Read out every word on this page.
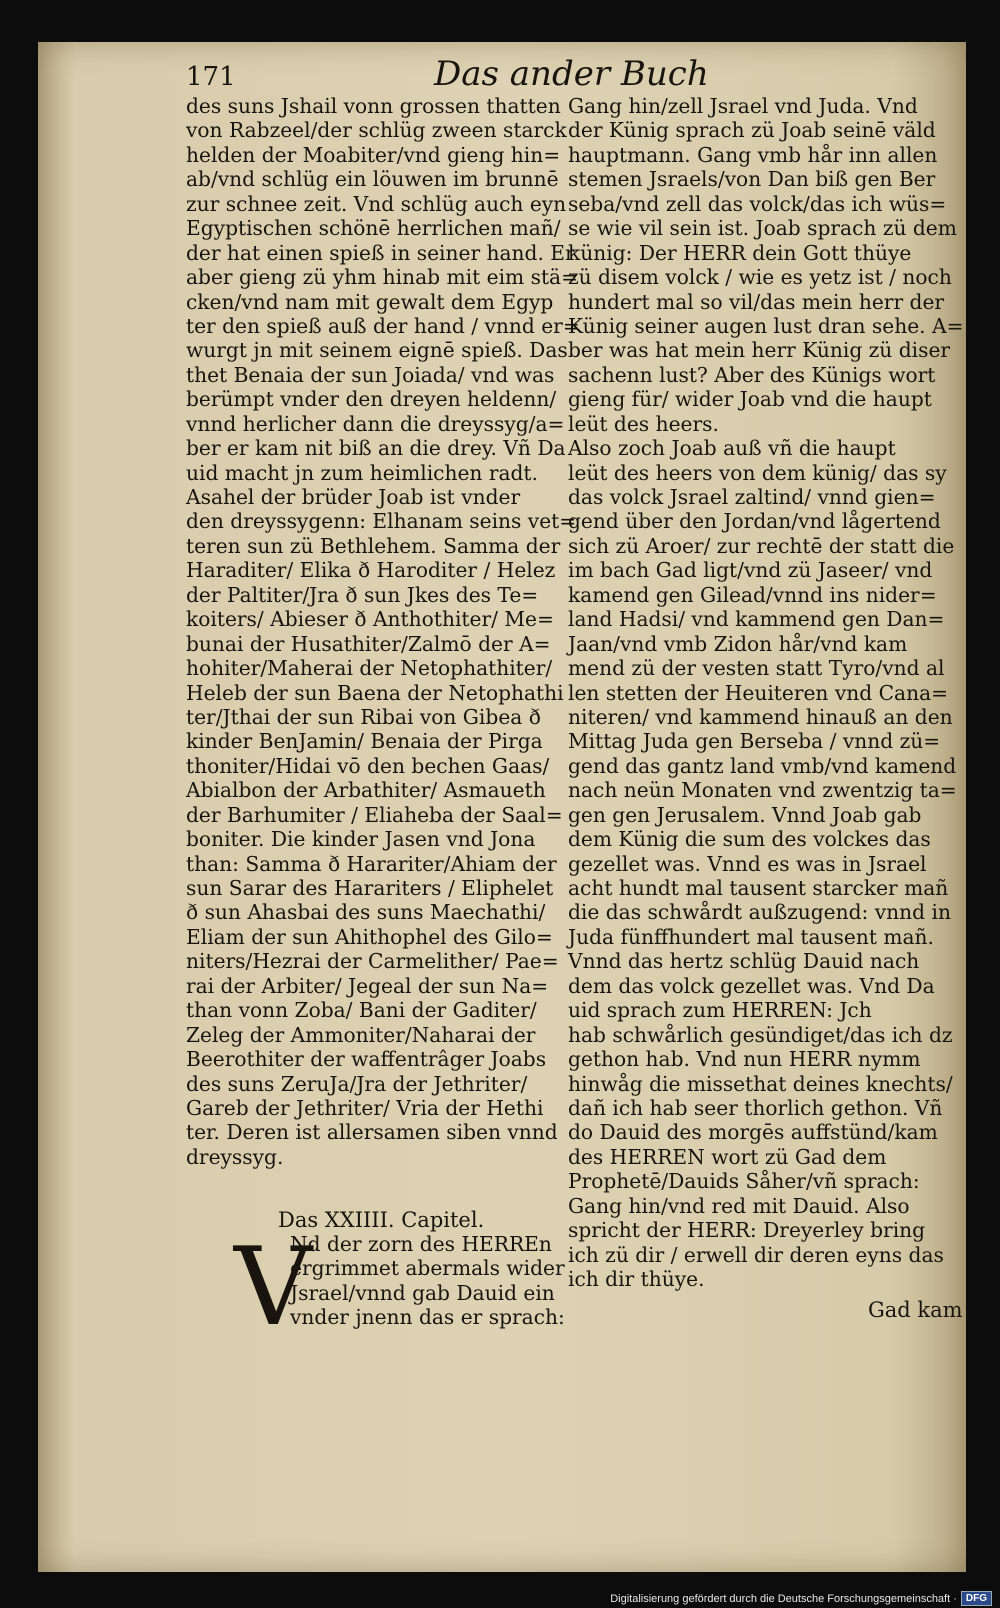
171	Das ander Buch
des suns Jshail vonn grossen thatten
von Rabzeel/der schlüg zween starck
helden der Moabiter/vnd gieng hin=
ab/vnd schlüg ein löuwen im brunnē
zur schnee zeit. Vnd schlüg auch eyn
Egyptischen schönē herrlichen mañ/
der hat einen spieß in seiner hand. Er
aber gieng zü yhm hinab mit eim stä=
cken/vnd nam mit gewalt dem Egyp
ter den spieß auß der hand / vnnd er=
wurgt jn mit seinem eignē spieß. Das
thet Benaia der sun Joiada/ vnd was
berümpt vnder den dreyen heldenn/
vnnd herlicher dann die dreyssyg/a=
ber er kam nit biß an die drey. Vñ Da
uid macht jn zum heimlichen radt.
Asahel der brüder Joab ist vnder
den dreyssygenn: Elhanam seins vet=
teren sun zü Bethlehem. Samma der
Haraditer/ Elika ð Haroditer / Helez
der Paltiter/Jra ð sun Jkes des Te=
koiters/ Abieser ð Anthothiter/ Me=
bunai der Husathiter/Zalmō der A=
hohiter/Maherai der Netophathiter/
Heleb der sun Baena der Netophathi
ter/Jthai der sun Ribai von Gibea ð
kinder BenJamin/ Benaia der Pirga
thoniter/Hidai vō den bechen Gaas/
Abialbon der Arbathiter/ Asmaueth
der Barhumiter / Eliaheba der Saal=
boniter. Die kinder Jasen vnd Jona
than: Samma ð Harariter/Ahiam der
sun Sarar des Harariters / Eliphelet
ð sun Ahasbai des suns Maechathi/
Eliam der sun Ahithophel des Gilo=
niters/Hezrai der Carmelither/ Pae=
rai der Arbiter/ Jegeal der sun Na=
than vonn Zoba/ Bani der Gaditer/
Zeleg der Ammoniter/Naharai der
Beerothiter der waffentrâger Joabs
des suns ZeruJa/Jra der Jethriter/
Gareb der Jethriter/ Vria der Hethi
ter. Deren ist allersamen siben vnnd
dreyssyg.
Das XXIIII. Capitel.
V
Nd der zorn des HERREn
ergrimmet abermals wider
Jsrael/vnnd gab Dauid ein
vnder jnenn das er sprach:
Gang hin/zell Jsrael vnd Juda. Vnd
der Künig sprach zü Joab seinē väld
hauptmann. Gang vmb hår inn allen
stemen Jsraels/von Dan biß gen Ber
seba/vnd zell das volck/das ich wüs=
se wie vil sein ist. Joab sprach zü dem
künig: Der HERR dein Gott thüye
zü disem volck / wie es yetz ist / noch
hundert mal so vil/das mein herr der
Künig seiner augen lust dran sehe. A=
ber was hat mein herr Künig zü diser
sachenn lust? Aber des Künigs wort
gieng für/ wider Joab vnd die haupt
leüt des heers.
Also zoch Joab auß vñ die haupt
leüt des heers von dem künig/ das sy
das volck Jsrael zaltind/ vnnd gien=
gend über den Jordan/vnd lågertend
sich zü Aroer/ zur rechtē der statt die
im bach Gad ligt/vnd zü Jaseer/ vnd
kamend gen Gilead/vnnd ins nider=
land Hadsi/ vnd kammend gen Dan=
Jaan/vnd vmb Zidon hår/vnd kam
mend zü der vesten statt Tyro/vnd al
len stetten der Heuiteren vnd Cana=
niteren/ vnd kammend hinauß an den
Mittag Juda gen Berseba / vnnd zü=
gend das gantz land vmb/vnd kamend
nach neün Monaten vnd zwentzig ta=
gen gen Jerusalem. Vnnd Joab gab
dem Künig die sum des volckes das
gezellet was. Vnnd es was in Jsrael
acht hundt mal tausent starcker mañ
die das schwårdt außzugend: vnnd in
Juda fünffhundert mal tausent mañ.
Vnnd das hertz schlüg Dauid nach
dem das volck gezellet was. Vnd Da
uid sprach zum HERREN: Jch
hab schwårlich gesündiget/das ich dz
gethon hab. Vnd nun HERR nymm
hinwåg die missethat deines knechts/
dañ ich hab seer thorlich gethon. Vñ
do Dauid des morgēs auffstünd/kam
des HERREN wort zü Gad dem
Prophetē/Dauids Såher/vñ sprach:
Gang hin/vnd red mit Dauid. Also
spricht der HERR: Dreyerley bring
ich zü dir / erwell dir deren eyns das
ich dir thüye.
Gad kam
Digitalisierung gefördert durch die Deutsche Forschungsgemeinschaft · DFG
